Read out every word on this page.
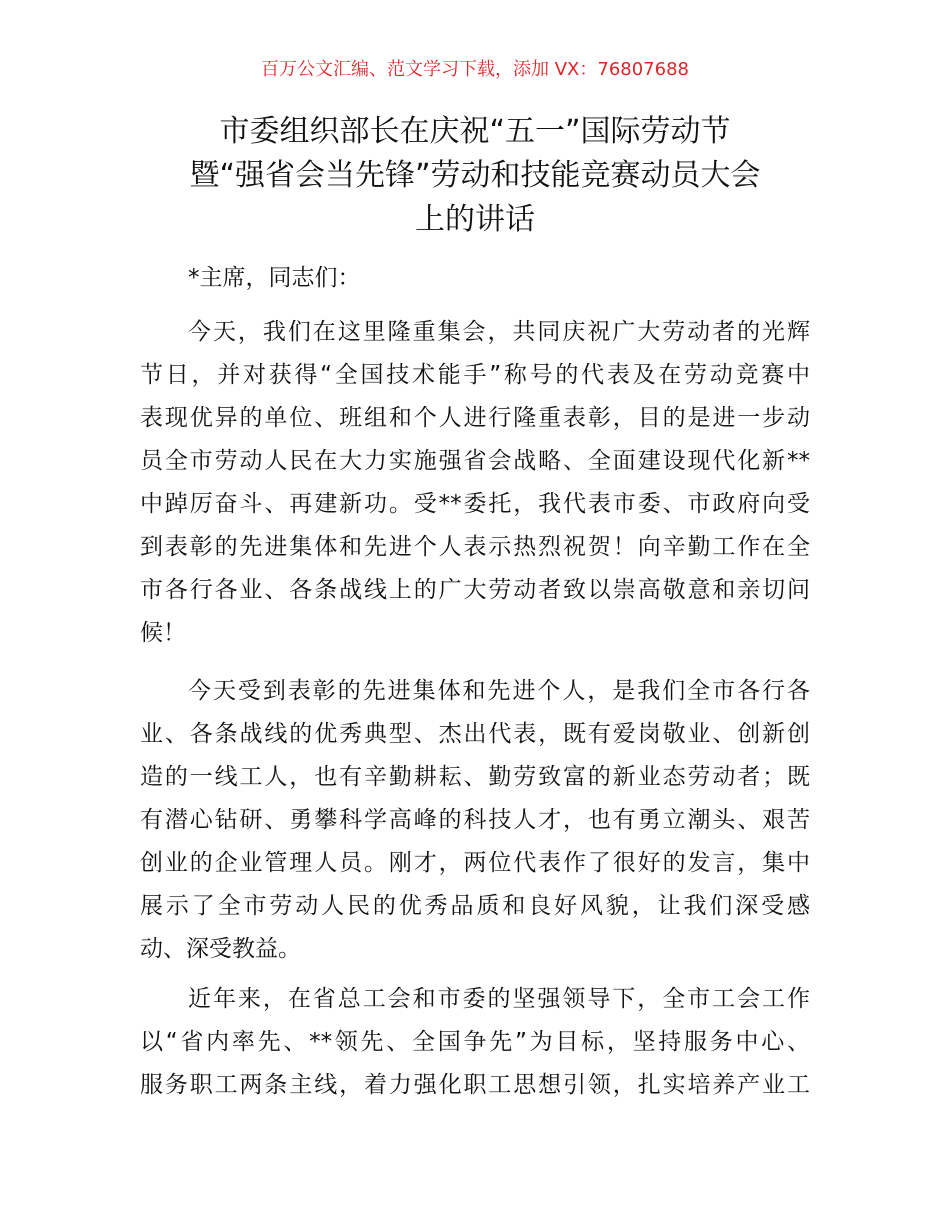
百万公文汇编、范文学习下载，添加 VX：76807688
市委组织部长在庆祝“五一”国际劳动节
暨“强省会当先锋”劳动和技能竞赛动员大会
上的讲话
*主席，同志们：
今天，我们在这里隆重集会，共同庆祝广大劳动者的光辉
节日，并对获得“全国技术能手”称号的代表及在劳动竞赛中
表现优异的单位、班组和个人进行隆重表彰，目的是进一步动
员全市劳动人民在大力实施强省会战略、全面建设现代化新**
中踔厉奋斗、再建新功。受**委托，我代表市委、市政府向受
到表彰的先进集体和先进个人表示热烈祝贺！向辛勤工作在全
市各行各业、各条战线上的广大劳动者致以崇高敬意和亲切问
候！
今天受到表彰的先进集体和先进个人，是我们全市各行各
业、各条战线的优秀典型、杰出代表，既有爱岗敬业、创新创
造的一线工人，也有辛勤耕耘、勤劳致富的新业态劳动者；既
有潜心钻研、勇攀科学高峰的科技人才，也有勇立潮头、艰苦
创业的企业管理人员。刚才，两位代表作了很好的发言，集中
展示了全市劳动人民的优秀品质和良好风貌，让我们深受感
动、深受教益。
近年来，在省总工会和市委的坚强领导下，全市工会工作
以“省内率先、**领先、全国争先”为目标，坚持服务中心、
服务职工两条主线，着力强化职工思想引领，扎实培养产业工
